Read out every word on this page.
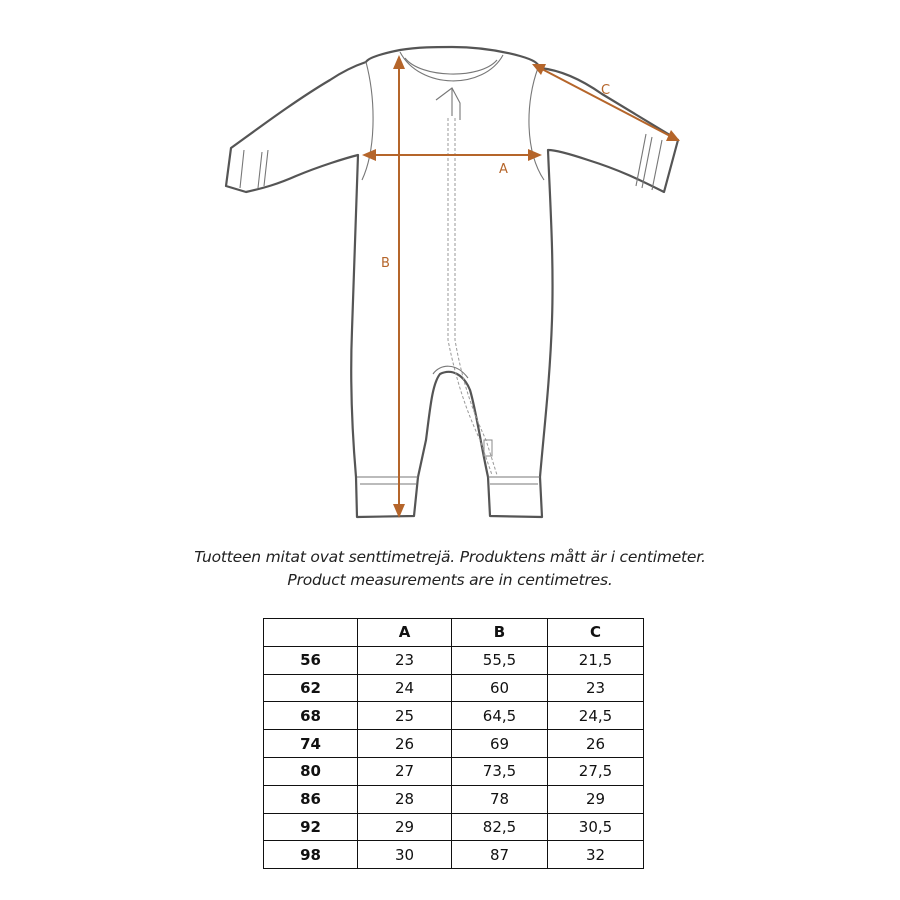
A
B
C
Tuotteen mitat ovat senttimetrejä. Produktens mått är i centimeter.
Product measurements are in centimetres.
	A	B	C
56	23	55,5	21,5
62	24	60	23
68	25	64,5	24,5
74	26	69	26
80	27	73,5	27,5
86	28	78	29
92	29	82,5	30,5
98	30	87	32
